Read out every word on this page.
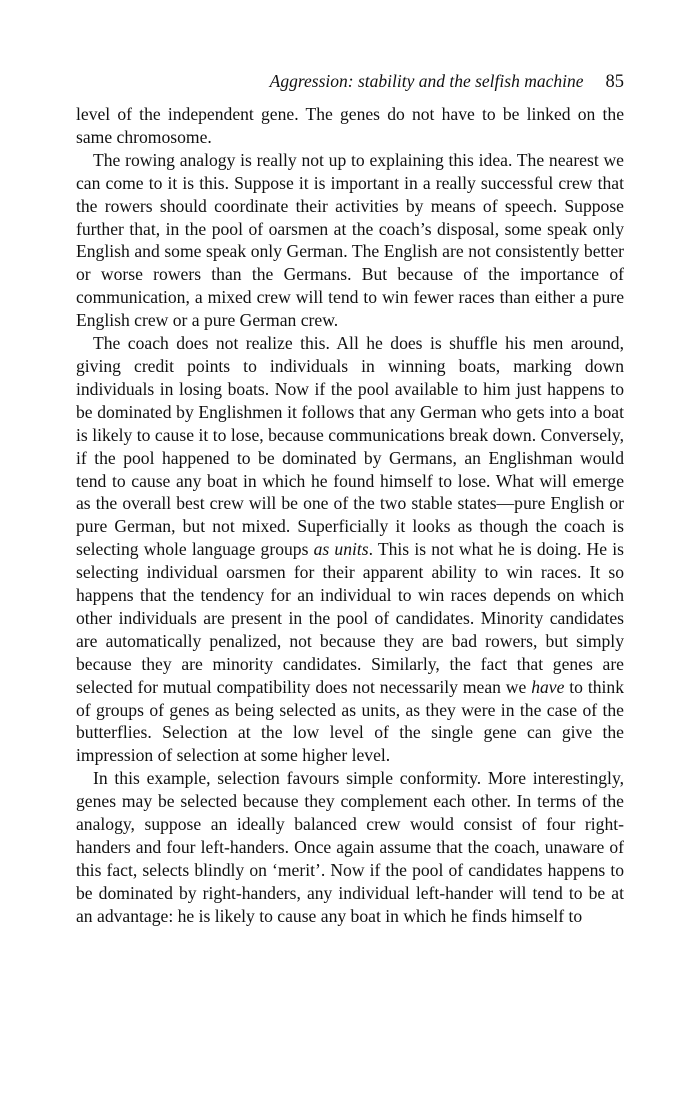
Aggression: stability and the selfish machine 85

level of the independent gene. The genes do not have to be linked on the same chromosome.

The rowing analogy is really not up to explaining this idea. The nearest we can come to it is this. Suppose it is important in a really successful crew that the rowers should coordinate their activities by means of speech. Suppose further that, in the pool of oarsmen at the coach’s disposal, some speak only English and some speak only German. The English are not consistently better or worse rowers than the Germans. But because of the importance of communication, a mixed crew will tend to win fewer races than either a pure English crew or a pure German crew.

The coach does not realize this. All he does is shuffle his men around, giving credit points to individuals in winning boats, marking down individuals in losing boats. Now if the pool available to him just happens to be dominated by Englishmen it follows that any German who gets into a boat is likely to cause it to lose, because communications break down. Conversely, if the pool happened to be dominated by Germans, an Englishman would tend to cause any boat in which he found himself to lose. What will emerge as the overall best crew will be one of the two stable states—pure English or pure German, but not mixed. Superficially it looks as though the coach is selecting whole language groups as units. This is not what he is doing. He is selecting individual oarsmen for their apparent ability to win races. It so happens that the tendency for an individual to win races depends on which other individuals are present in the pool of candidates. Minority candidates are automatically penalized, not because they are bad rowers, but simply because they are minority candidates. Similarly, the fact that genes are selected for mutual compatibility does not necessarily mean we have to think of groups of genes as being selected as units, as they were in the case of the butterflies. Selection at the low level of the single gene can give the impression of selection at some higher level.

In this example, selection favours simple conformity. More interestingly, genes may be selected because they complement each other. In terms of the analogy, suppose an ideally balanced crew would consist of four right-handers and four left-handers. Once again assume that the coach, unaware of this fact, selects blindly on ‘merit’. Now if the pool of candidates happens to be dominated by right-handers, any individual left-hander will tend to be at an advantage: he is likely to cause any boat in which he finds himself to
